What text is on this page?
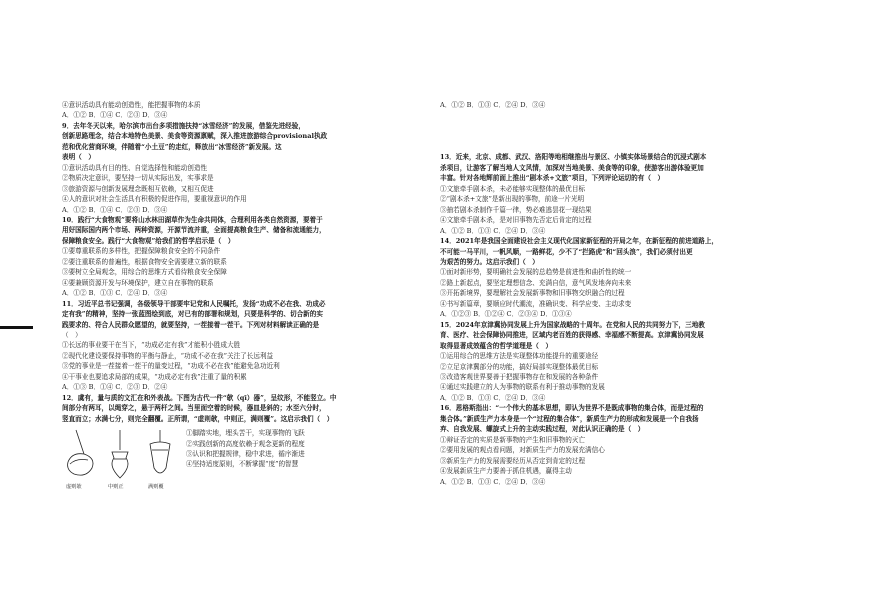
④意识活动具有能动创造性，能把握事物的本质
A．①② B．①④ C．②③ D．③④
9．去年冬天以来，哈尔滨市出台多项措施扶持“冰雪经济”的发展，借鉴先进经验，
创新思路理念，结合本地特色美景、美食等资源禀赋，深入推进旅游综合provisional执政
范和优化营商环境，伴随着“小土豆”的走红，释放出“冰雪经济”新发展。这
表明（　）
①意识活动具有目的性、自觉选择性和能动创造性
②物质决定意识，要坚持一切从实际出发，实事求是
③旅游资源与创新发展理念既相互依赖，又相互促进
④人的意识对社会生活具有积极的促进作用，要重视意识的作用
A．①② B．①④ C．②③ D．③④
10．践行“大食物观”要将山水林田湖草作为生命共同体，合理利用各类自然资源，要着于
用好国际国内两个市场、两种资源，开源节流并重，全面提高粮食生产、储备和流通能力，
保障粮食安全。践行“大食物观”给我们的哲学启示是（　）
①要尊重联系的多样性，把握保障粮食安全的不同条件
②要注重联系的普遍性，根据食物安全需要建立新的联系
③要树立全局观念，用综合的思维方式看待粮食安全保障
④要兼顾资源开发与环境保护，建立自在事物的联系
A．①② B．①③ C．②④ D．③④
11．习近平总书记强调，各级领导干部要牢记党和人民嘱托，发扬“功成不必在我、功成必
定有我”的精神，坚持一张蓝图绘到底，对已有的部署和规划，只要是科学的、切合新的实
践要求的、符合人民群众愿望的，就要坚持，一茬接着一茬干。下列对材料解读正确的是
（　）
①长远的事业要干在当下，“功成必定有我”才能积小胜成大胜
②现代化建设要保持事物的平衡与静止，“功成不必在我”关注了长远利益
③党的事业是一茬接着一茬干的量变过程，“功成不必在我”能避免急功近利
④干事业也要追求局部的成果，“功成必定有我”注重了量的积累
A．①③ B．①④ C．②③ D．②④
12．虞有，量与质的文汇在和外表战。下图为古代一件“欹（qī）器”，呈纹形，不能竖立。中
间部分有两耳，以绳穿之，悬于两杆之间。当里面空着的时候，器皿是斜的；水至六分时，
竖直而立；水满七分，则完全翻覆。正所谓，“虚则欹，中则正，满则覆”。这启示我们（　）
虚则欹	中则正	满则覆
①脚踏实地，埋头苦干，实现事物的飞跃
②实践创新的高度依赖于观念更新的程度
③认识和把握规律，稳中求进，循序渐进
④坚持适度原则，不断掌握“度”的智慧
A．①② B．①③ C．②④ D．③④
13．近来，北京、成都、武汉、洛阳等地相继推出与景区、小镇实体场景结合的沉浸式剧本
杀项目，让游客了解当地人文风情，加深对当地美景、美食等的印象，使游客出游体验更加
丰富。针对各地辉前面上推出“剧本杀+文旅”项目，下列评论运切的有（　）
①文旅牵手剧本杀，未必能够实现整体的最优目标
②“剧本杀+文旅”是新出现的事物，前途一片光明
③抽若剧本杀制作千篇一律，势必难逃昙花一现结果
④文旅牵手剧本杀，是对旧事物先否定后肯定的过程
A．①② B．①③ C．②④ D．③④
14．2021年是我国全面建设社会主义现代化国家新征程的开局之年，在新征程的前进道路上，
不可能一马平川，一帆风顺，一路鲜花，少不了“拦路虎”和“回头浪”，我们必须付出更
为艰苦的努力。这启示我们（　）
①面对新形势，要明确社会发展的总趋势是前进性和曲折性的统一
②路上新起点，要坚定理想信念、充满自信，意气风发地奔向未来
③开拓新境界，要理解社会发展新事物和旧事物交织融合的过程
④书写新篇章，要顺应时代潮流，准确识变、科学应变、主动求变
A．①②③ B．①②④ C．②③④ D．①③④
15．2024年京津冀协同发展上升为国家战略的十周年。在党和人民的共同努力下，三地教
育、医疗、社会保障协同推进，区域内老百姓的获得感、幸福感不断提高。京津冀协同发展
取得显著成效蕴含的哲学道理是（　）
①运用综合的思维方法是实现整体功能提升的重要途径
②立足京津冀部分的功能，搞好局部实现整体最优目标
③改造客观世界要善于把握事物存在和发展的各种条件
④通过实践建立的人为事物的联系有利于推动事物的发展
A．①② B．①③ C．②④ D．③④
16．恩格斯指出：“一个伟大的基本思想，即认为世界不是既成事物的集合体，而是过程的
集合体。”新质生产力本身是一个“过程的集合体”，新质生产力的形成和发展是一个自我扬
弃、自我发展、螺旋式上升的主动实践过程，对此认识正确的是（　）
①辩证否定的实质是新事物的产生和旧事物的灭亡
②要用发展的观点看问题，对新质生产力的发展充满信心
③新质生产力的发展需要经历从否定到肯定的过程
④发展新质生产力要善于抓住机遇，赢得主动
A．①② B．①③ C．②④ D．③④
